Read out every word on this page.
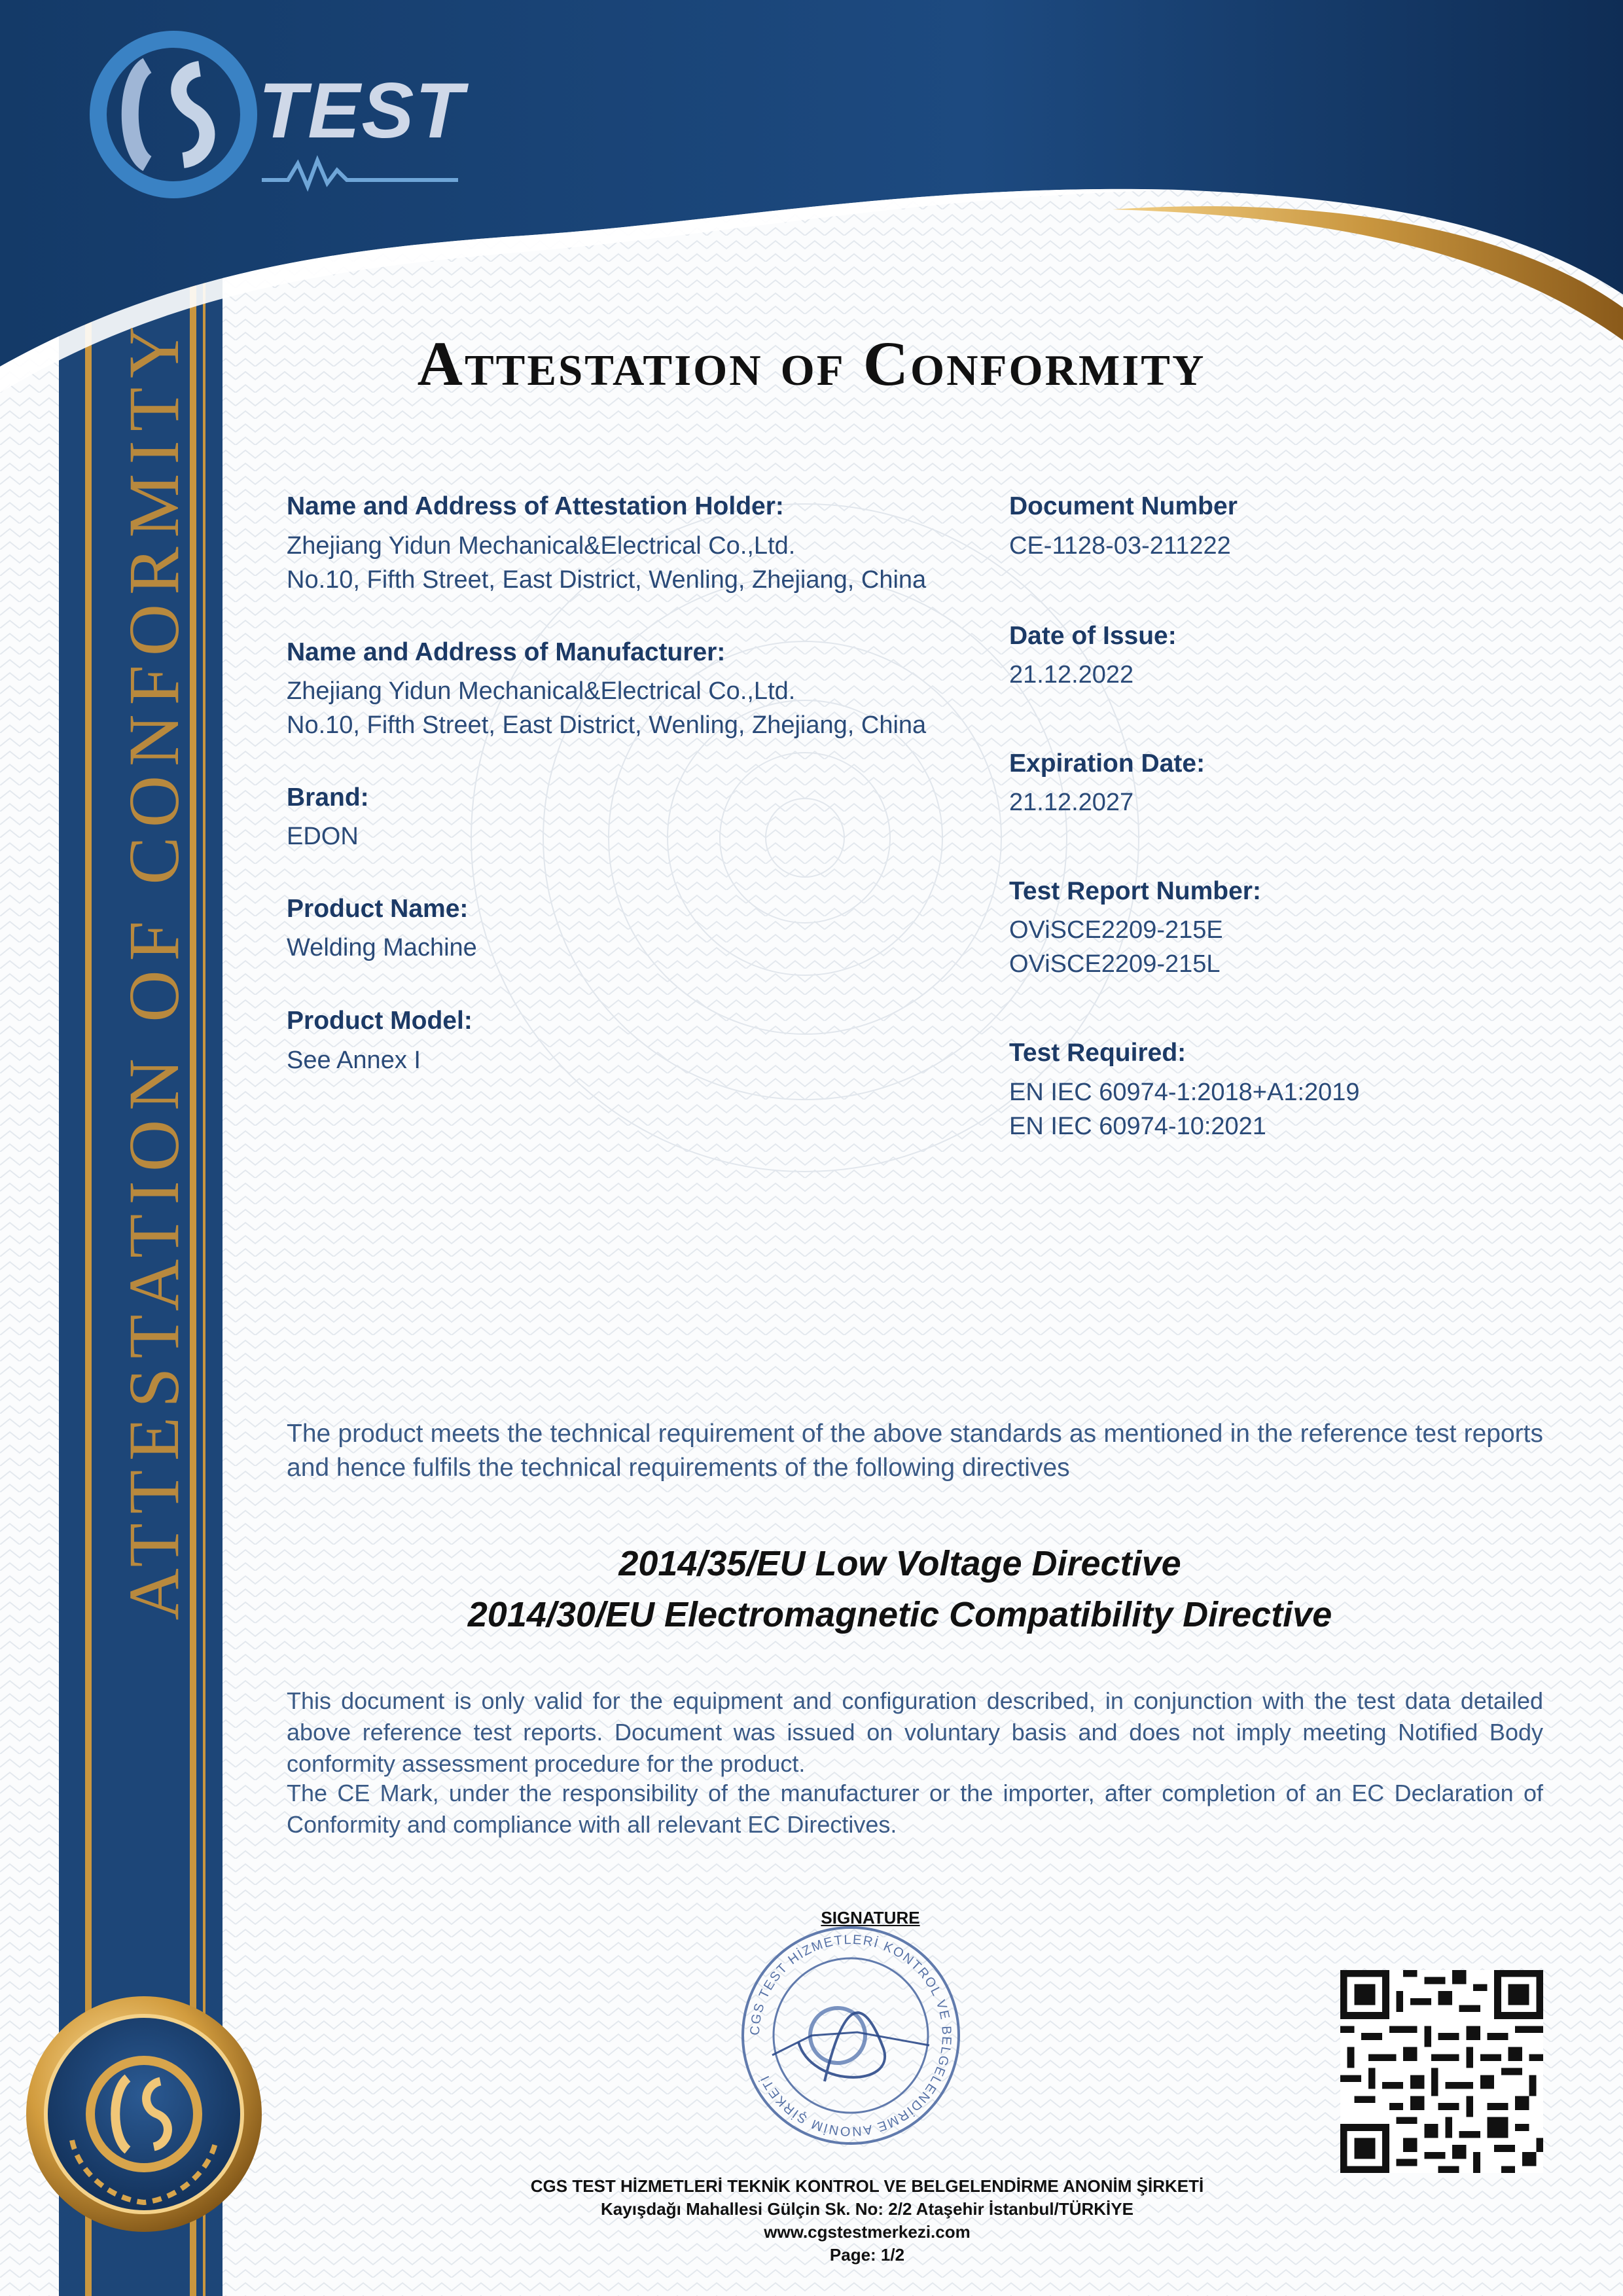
TEST
ATTESTATION OF CONFORMITY	Attestation of Conformity
Name and Address of Attestation Holder:
Zhejiang Yidun Mechanical&Electrical Co.,Ltd.
No.10, Fifth Street, East District, Wenling, Zhejiang, China
Name and Address of Manufacturer:
Zhejiang Yidun Mechanical&Electrical Co.,Ltd.
No.10, Fifth Street, East District, Wenling, Zhejiang, China
Brand:
EDON
Product Name:
Welding Machine
Product Model:
See Annex I
Document Number
CE-1128-03-211222
Date of Issue:
21.12.2022
Expiration Date:
21.12.2027
Test Report Number:
OViSCE2209-215E
OViSCE2209-215L
Test Required:
EN IEC 60974-1:2018+A1:2019
EN IEC 60974-10:2021
The product meets the technical requirement of the above standards as mentioned in the reference test reports and hence fulfils the technical requirements of the following directives
2014/35/EU Low Voltage Directive
2014/30/EU Electromagnetic Compatibility Directive
This document is only valid for the equipment and configuration described, in conjunction with the test data detailed above reference test reports. Document was issued on voluntary basis and does not imply meeting Notified Body conformity assessment procedure for the product.
The CE Mark, under the responsibility of the manufacturer or the importer, after completion of an EC Declaration of Conformity and compliance with all relevant EC Directives.
SIGNATURE
CGS TEST HİZMETLERİ KONTROL VE BELGELENDİRME ANONİM ŞİRKETİ
CGS TEST HİZMETLERİ TEKNİK KONTROL VE BELGELENDİRME ANONİM ŞİRKETİ
Kayışdağı Mahallesi Gülçin Sk. No: 2/2 Ataşehir İstanbul/TÜRKİYE
www.cgstestmerkezi.com
Page: 1/2
